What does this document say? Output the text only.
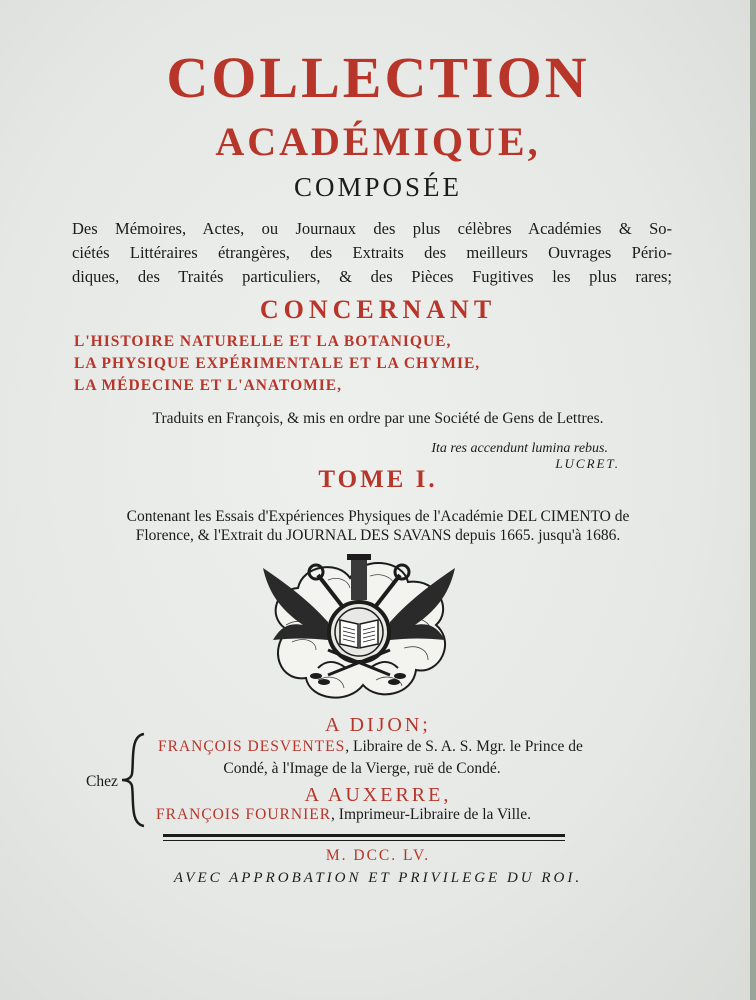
COLLECTION
ACADÉMIQUE,
COMPOSÉE
Des Mémoires, Actes, ou Journaux des plus célèbres Académies & So-
ciétés Littéraires étrangères, des Extraits des meilleurs Ouvrages Pério-
diques, des Traités particuliers, & des Pièces Fugitives les plus rares;
CONCERNANT
L'HISTOIRE NATURELLE ET LA BOTANIQUE,
LA PHYSIQUE EXPÉRIMENTALE ET LA CHYMIE,
LA MÉDECINE ET L'ANATOMIE,
Traduits en François, & mis en ordre par une Société de Gens de Lettres.
Ita res accendunt lumina rebus.
LUCRET.
TOME I.
Contenant les Essais d'Expériences Physiques de l'Académie DEL CIMENTO de
Florence, & l'Extrait du JOURNAL DES SAVANS depuis 1665. jusqu'à 1686.
A DIJON;
Chez
FRANÇOIS DESVENTES, Libraire de S. A. S. Mgr. le Prince de
Condé, à l'Image de la Vierge, ruë de Condé.
A AUXERRE,
FRANÇOIS FOURNIER, Imprimeur-Libraire de la Ville.
M. DCC. LV.
AVEC APPROBATION ET PRIVILEGE DU ROI.
